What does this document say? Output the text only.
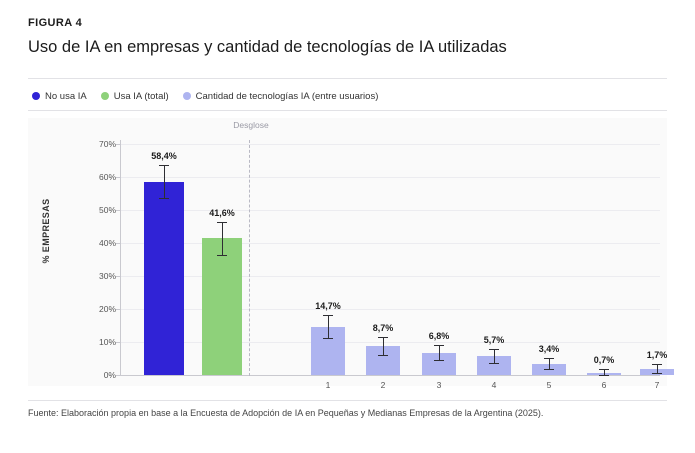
FIGURA 4
Uso de IA en empresas y cantidad de tecnologías de IA utilizadas
No usa IA	Usa IA (total)	Cantidad de tecnologías IA (entre usuarios)
% EMPRESAS
0%
10%
20%
30%
40%
50%
60%
70%
Desglose
58,4%
41,6%
14,7%
8,7%
6,8%	5,7%
3,4%
0,7%	1,7%
1	2	3	4	5	6	7
Fuente: Elaboración propia en base a la Encuesta de Adopción de IA en Pequeñas y Medianas Empresas de la Argentina (2025).
